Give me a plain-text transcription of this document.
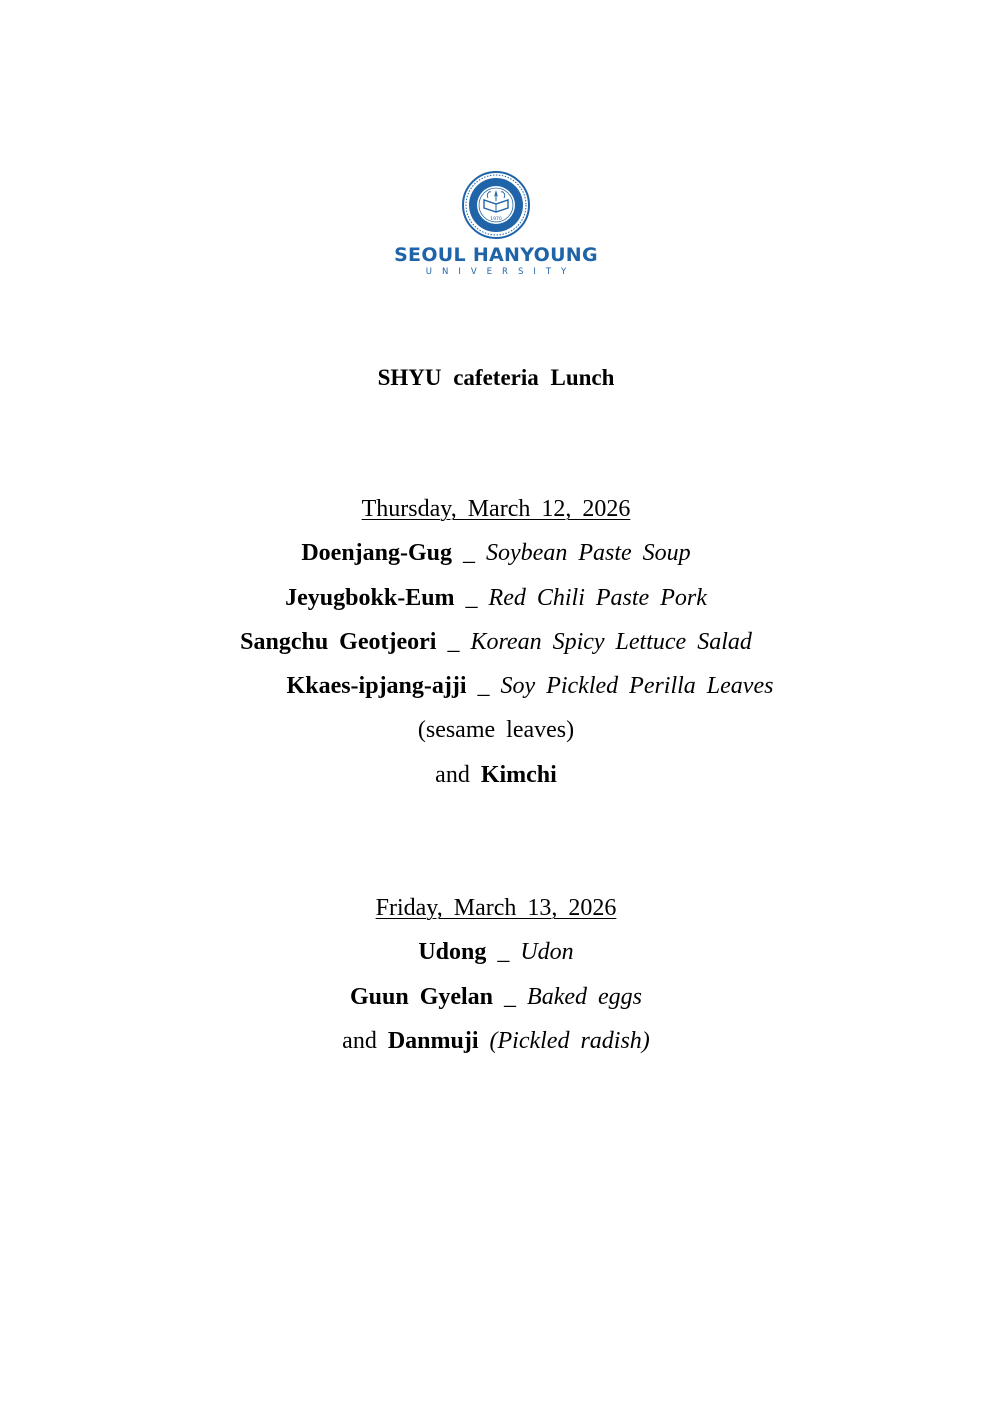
1970
SEOUL HANYOUNG
UNIVERSITY
SHYU cafeteria Lunch
Thursday, March 12, 2026
Doenjang-Gug _ Soybean Paste Soup
Jeyugbokk-Eum _ Red Chili Paste Pork
Sangchu Geotjeori _ Korean Spicy Lettuce Salad
Kkaes-ipjang-ajji _ Soy Pickled Perilla Leaves
(sesame leaves)
and Kimchi
Friday, March 13, 2026
Udong _ Udon
Guun Gyelan _ Baked eggs
and Danmuji (Pickled radish)
